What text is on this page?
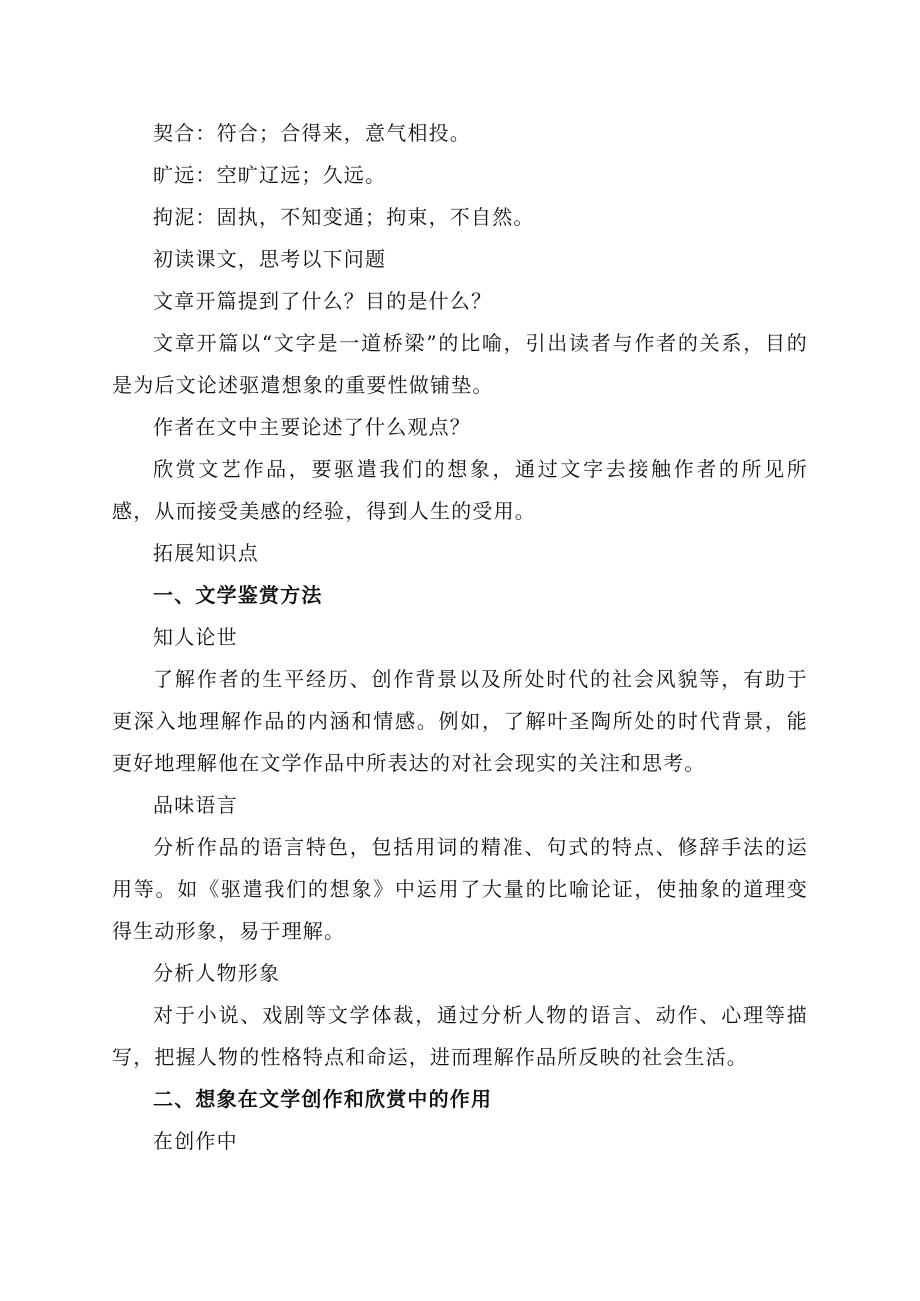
契合：符合；合得来，意气相投。

旷远：空旷辽远；久远。

拘泥：固执，不知变通；拘束，不自然。

初读课文，思考以下问题

文章开篇提到了什么？目的是什么？

文章开篇以“文字是一道桥梁”的比喻，引出读者与作者的关系，目的是为后文论述驱遣想象的重要性做铺垫。

作者在文中主要论述了什么观点？

欣赏文艺作品，要驱遣我们的想象，通过文字去接触作者的所见所感，从而接受美感的经验，得到人生的受用。

拓展知识点

一、文学鉴赏方法

知人论世

了解作者的生平经历、创作背景以及所处时代的社会风貌等，有助于更深入地理解作品的内涵和情感。例如，了解叶圣陶所处的时代背景，能更好地理解他在文学作品中所表达的对社会现实的关注和思考。

品味语言

分析作品的语言特色，包括用词的精准、句式的特点、修辞手法的运用等。如《驱遣我们的想象》中运用了大量的比喻论证，使抽象的道理变得生动形象，易于理解。

分析人物形象

对于小说、戏剧等文学体裁，通过分析人物的语言、动作、心理等描写，把握人物的性格特点和命运，进而理解作品所反映的社会生活。

二、想象在文学创作和欣赏中的作用

在创作中
